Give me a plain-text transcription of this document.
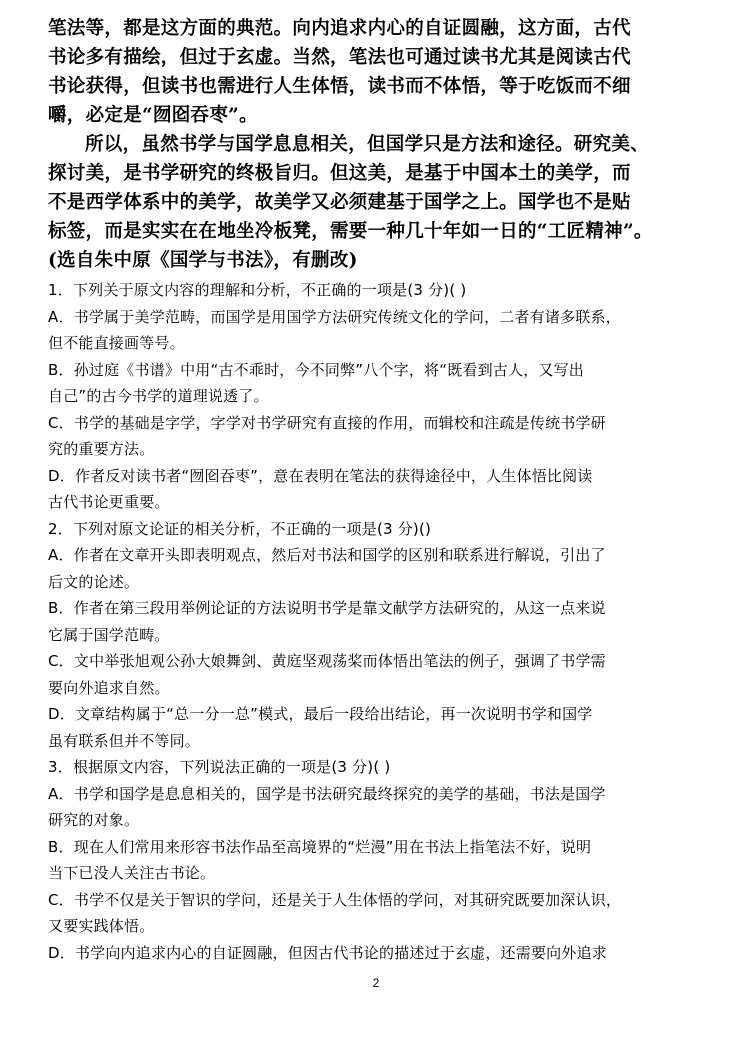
笔法等，都是这方面的典范。向内追求内心的自证圆融，这方面，古代
书论多有描绘，但过于玄虚。当然，笔法也可通过读书尤其是阅读古代
书论获得，但读书也需进行人生体悟，读书而不体悟，等于吃饭而不细
嚼，必定是“囫囵吞枣”。
所以，虽然书学与国学息息相关，但国学只是方法和途径。研究美、
探讨美，是书学研究的终极旨归。但这美，是基于中国本土的美学，而
不是西学体系中的美学，故美学又必须建基于国学之上。国学也不是贴
标签，而是实实在在地坐冷板凳，需要一种几十年如一日的“工匠精神”。
(选自朱中原《国学与书法》，有删改)
1．下列关于原文内容的理解和分析，不正确的一项是(3 分)( )
A．书学属于美学范畴，而国学是用国学方法研究传统文化的学问，二者有诸多联系，
但不能直接画等号。
B．孙过庭《书谱》中用“古不乖时，今不同弊”八个字，将“既看到古人，又写出
自己”的古今书学的道理说透了。
C．书学的基础是字学，字学对书学研究有直接的作用，而辑校和注疏是传统书学研
究的重要方法。
D．作者反对读书者“囫囵吞枣”，意在表明在笔法的获得途径中，人生体悟比阅读
古代书论更重要。
2．下列对原文论证的相关分析，不正确的一项是(3 分)()
A．作者在文章开头即表明观点，然后对书法和国学的区别和联系进行解说，引出了
后文的论述。
B．作者在第三段用举例论证的方法说明书学是靠文献学方法研究的，从这一点来说
它属于国学范畴。
C．文中举张旭观公孙大娘舞剑、黄庭坚观荡桨而体悟出笔法的例子，强调了书学需
要向外追求自然。
D．文章结构属于“总一分一总”模式，最后一段给出结论，再一次说明书学和国学
虽有联系但并不等同。
3．根据原文内容，下列说法正确的一项是(3 分)( )
A．书学和国学是息息相关的，国学是书法研究最终探究的美学的基础，书法是国学
研究的对象。
B．现在人们常用来形容书法作品至高境界的“烂漫”用在书法上指笔法不好，说明
当下已没人关注古书论。
C．书学不仅是关于智识的学问，还是关于人生体悟的学问，对其研究既要加深认识，
又要实践体悟。
D．书学向内追求内心的自证圆融，但因古代书论的描述过于玄虚，还需要向外追求
2
